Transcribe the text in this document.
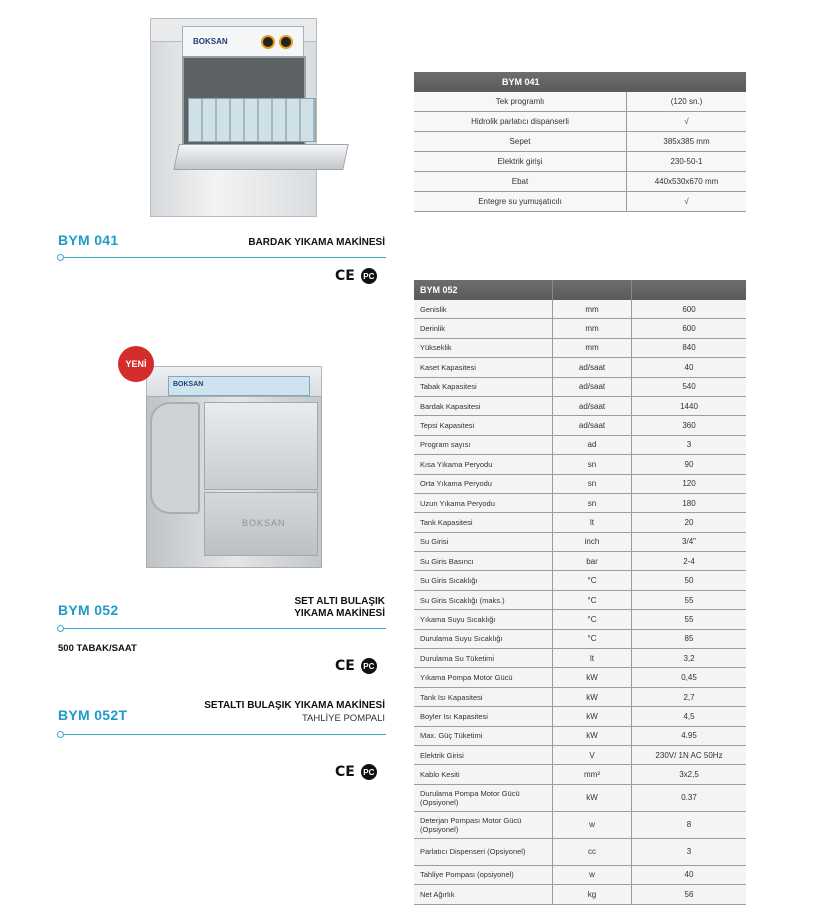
BOKSAN
BYM 041	BARDAK YIKAMA MAKİNESİ
CE	PC
YENİ
BOKSAN
BOKSAN
BYM 052
SET ALTI BULAŞIK
YIKAMA MAKİNESİ
500 TABAK/SAAT
CE	PC
BYM 052T
SETALTI BULAŞIK YIKAMA MAKİNESİ
TAHLİYE POMPALI
CE	PC
BYM 041	
Tek programlı	(120 sn.)
Hidrolik parlatıcı dispanserli	√
Sepet	385x385 mm
Elektrik girişi	230-50-1
Ebat	440x530x670 mm
Entegre su yumuşatıcılı	√
BYM 052		
Genislik	mm	600
Derinlik	mm	600
Yükseklik	mm	840
Kaset Kapasitesi	ad/saat	40
Tabak Kapasitesi	ad/saat	540
Bardak Kapasitesi	ad/saat	1440
Tepsi Kapasitesi	ad/saat	360
Program sayısı	ad	3
Kısa Yıkama Peryodu	sn	90
Orta Yıkama Peryodu	sn	120
Uzun Yıkama Peryodu	sn	180
Tank Kapasitesi	lt	20
Su Girisi	inch	3/4"
Su Giris Basıncı	bar	2-4
Su Giris Sıcaklığı	°C	50
Su Giris Sıcaklığı (maks.)	°C	55
Yıkama Suyu Sıcaklığı	°C	55
Durulama Suyu Sıcaklığı	°C	85
Durulama Su Tüketimi	lt	3,2
Yıkama Pompa Motor Gücü	kW	0,45
Tank Isı Kapasitesi	kW	2,7
Boyler Isı Kapasitesi	kW	4,5
Max. Güç Tüketimi	kW	4.95
Elektrik Girisi	V	230V/ 1N AC 50Hz
Kablo Kesiti	mm²	3x2,5
Durulama Pompa Motor Gücü (Opsiyonel)	kW	0.37
Deterjan Pompası Motor Gücü (Opsiyonel)	w	8
Parlatıcı Dispenseri (Opsiyonel)	cc	3
Tahliye Pompası (opsiyonel)	w	40
Net Ağırlık	kg	56
